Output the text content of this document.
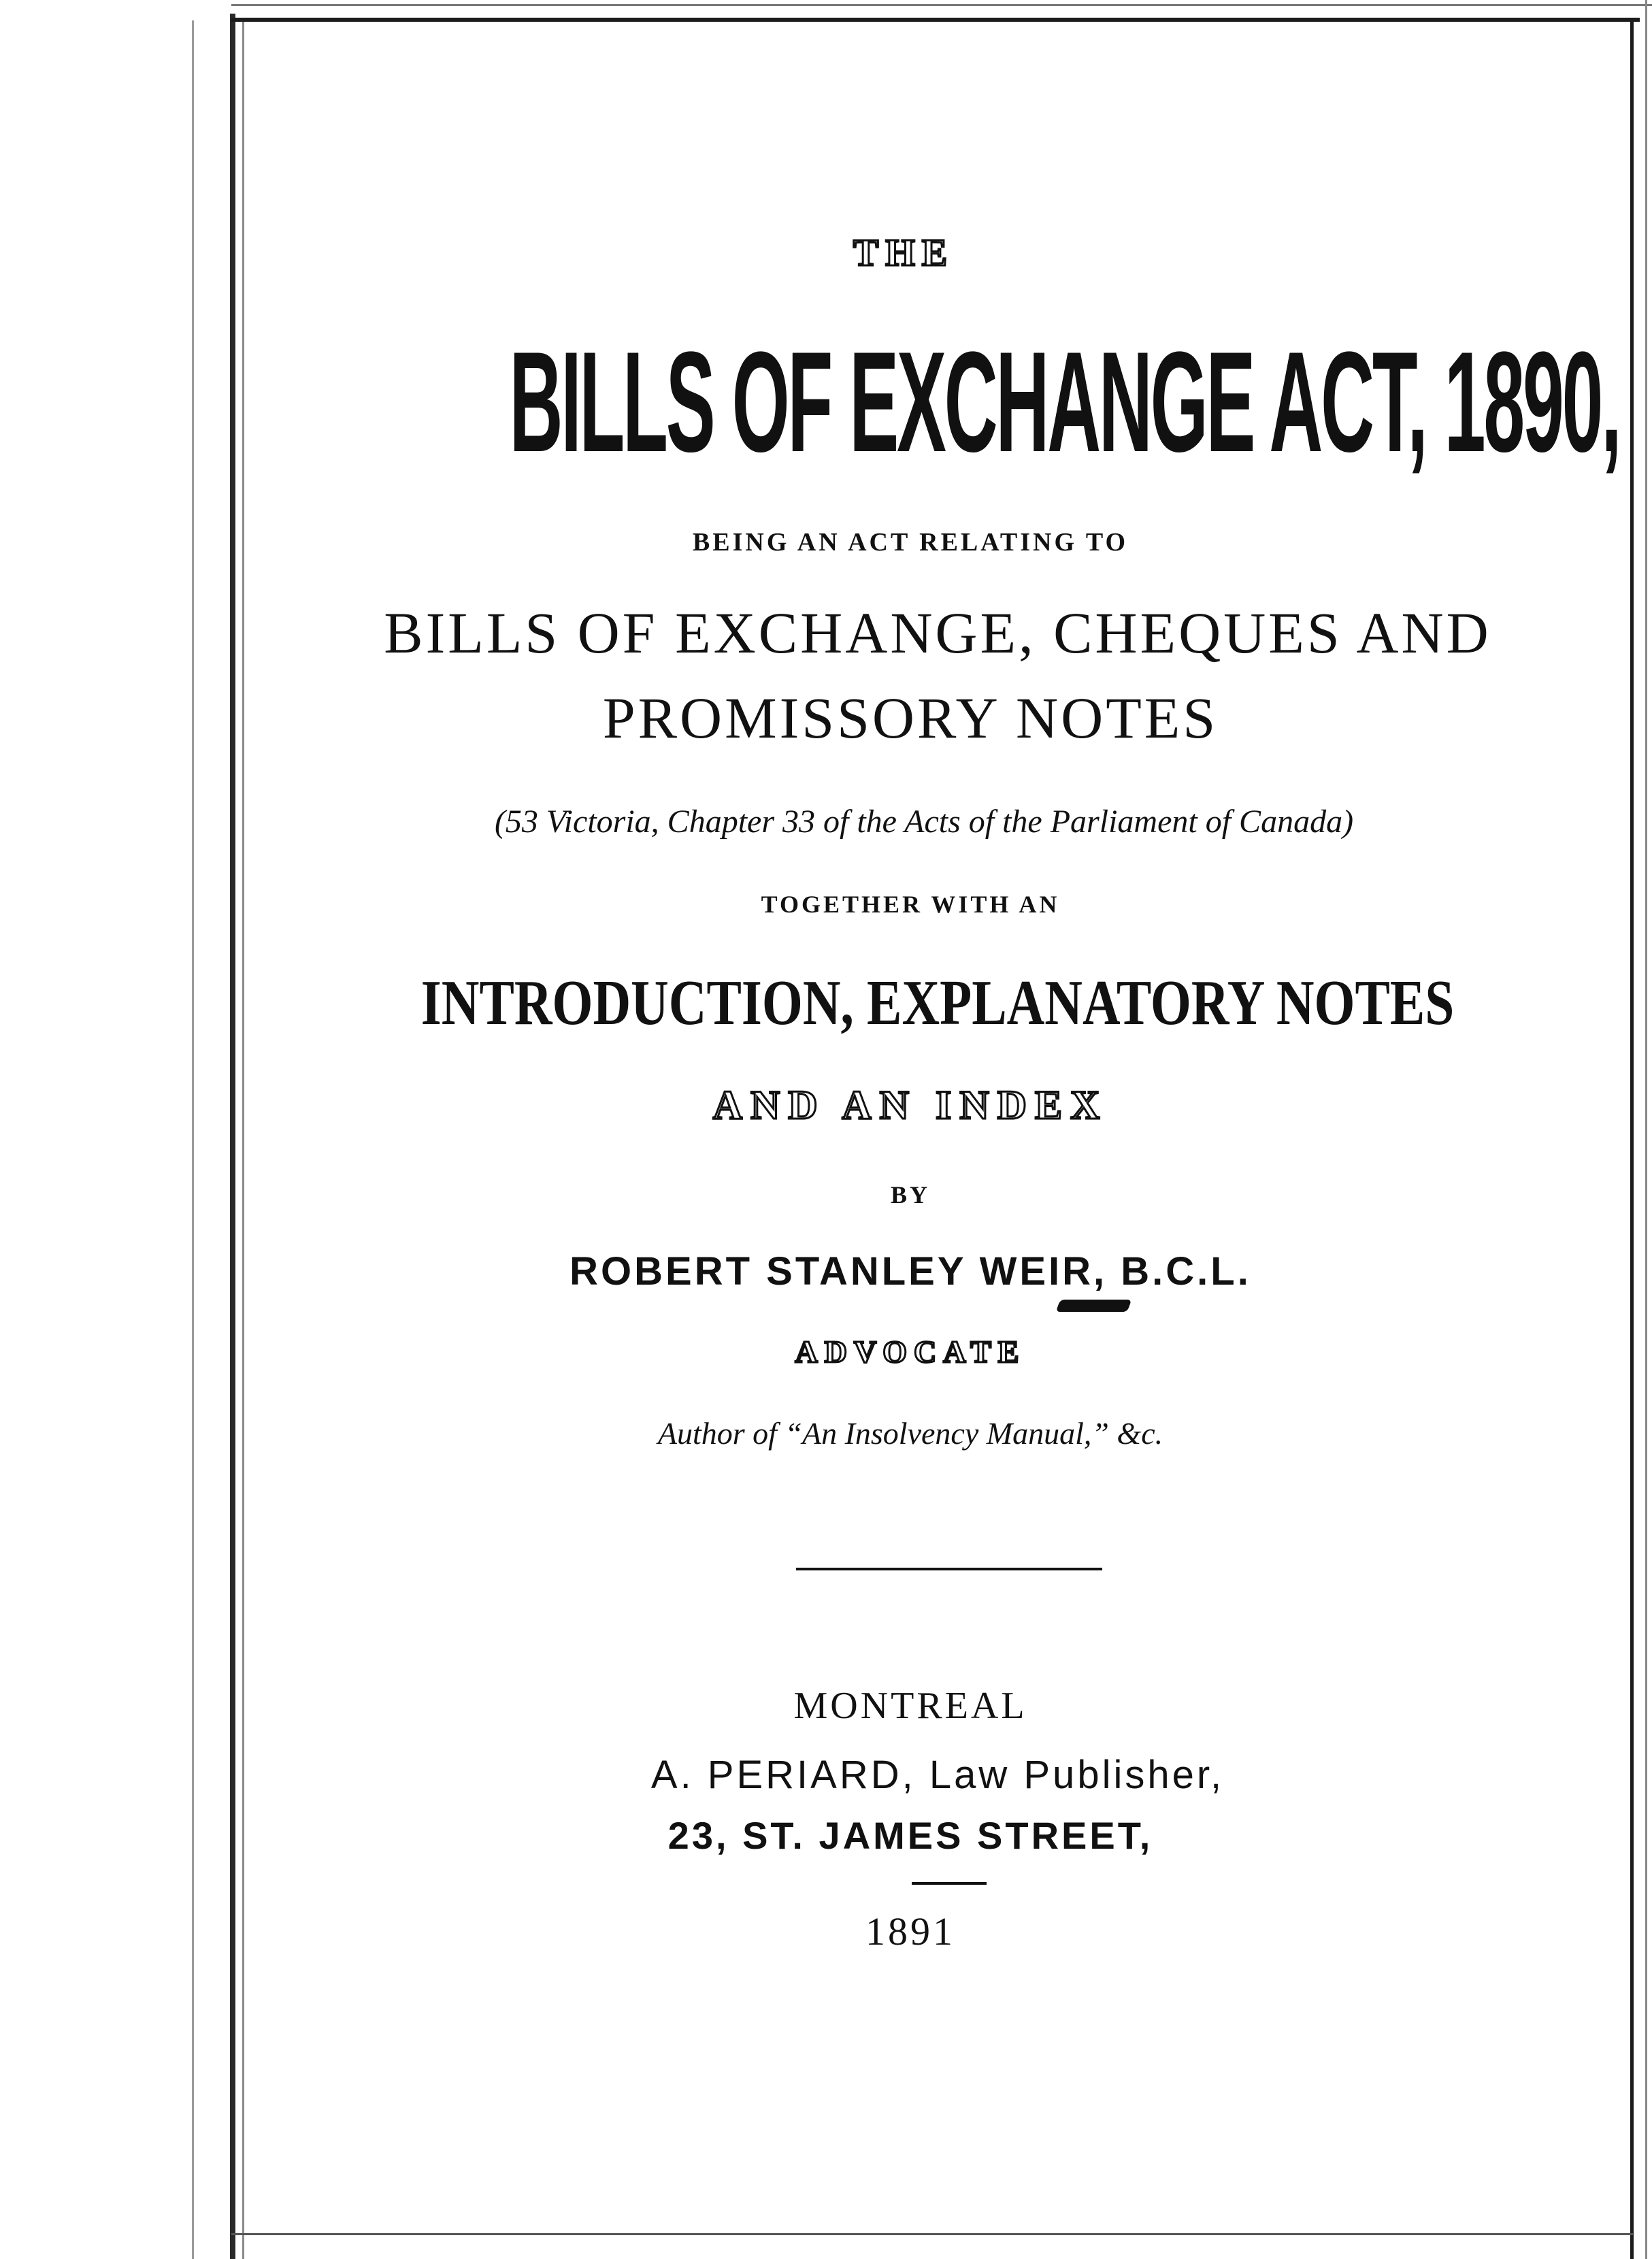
THE
BILLS OF EXCHANGE ACT, 1890,
BEING AN ACT RELATING TO
BILLS OF EXCHANGE, CHEQUES AND
PROMISSORY NOTES
(53 Victoria, Chapter 33 of the Acts of the Parliament of Canada)
TOGETHER WITH AN
INTRODUCTION, EXPLANATORY NOTES
AND AN INDEX
BY
ROBERT STANLEY WEIR, B.C.L.
ADVOCATE
Author of “An Insolvency Manual,” &c.
MONTREAL
A. PERIARD, Law Publisher,
23, ST. JAMES STREET,
1891
